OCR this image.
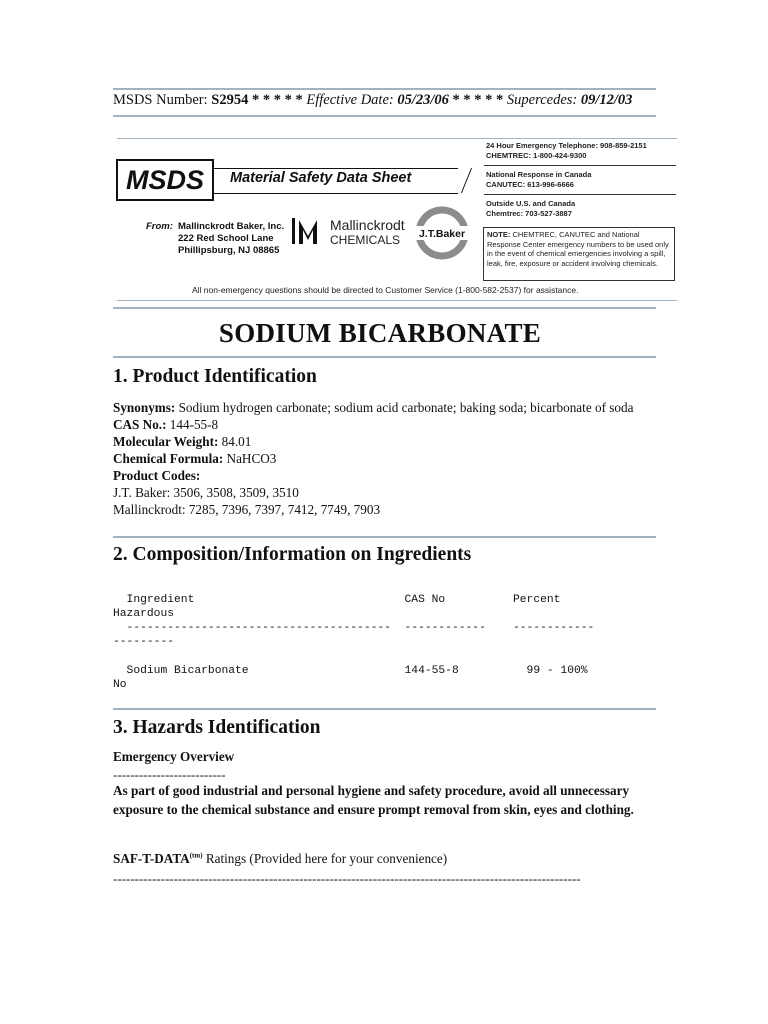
MSDS Number: S2954 * * * * * Effective Date: 05/23/06 * * * * * Supercedes: 09/12/03
MSDS	Material Safety Data Sheet
From: Mallinckrodt Baker, Inc.
222 Red School Lane
Phillipsburg, NJ 08865
Mallinckrodt
CHEMICALS	J.T.Baker
24 Hour Emergency Telephone: 908-859-2151
CHEMTREC: 1-800-424-9300
National Response in Canada
CANUTEC: 613-996-6666
Outside U.S. and Canada
Chemtrec: 703-527-3887
NOTE: CHEMTREC, CANUTEC and National Response Center emergency numbers to be used only in the event of chemical emergencies involving a spill, leak, fire, exposure or accident involving chemicals.
All non-emergency questions should be directed to Customer Service (1-800-582-2537) for assistance.
SODIUM BICARBONATE
1. Product Identification
Synonyms: Sodium hydrogen carbonate; sodium acid carbonate; baking soda; bicarbonate of soda
CAS No.: 144-55-8
Molecular Weight: 84.01
Chemical Formula: NaHCO3
Product Codes:
J.T. Baker: 3506, 3508, 3509, 3510
Mallinckrodt: 7285, 7396, 7397, 7412, 7749, 7903
2. Composition/Information on Ingredients
Ingredient                               CAS No          Percent
Hazardous
---------------------------------------  ------------    ------------
---------
Sodium Bicarbonate                       144-55-8          99 - 100%
No
3. Hazards Identification
Emergency Overview
--------------------------
As part of good industrial and personal hygiene and safety procedure, avoid all unnecessary exposure to the chemical substance and ensure prompt removal from skin, eyes and clothing.
SAF-$T-DATA^{(tm)}$ Ratings (Provided here for your convenience)
------------------------------------------------------------------------------------------------------------
